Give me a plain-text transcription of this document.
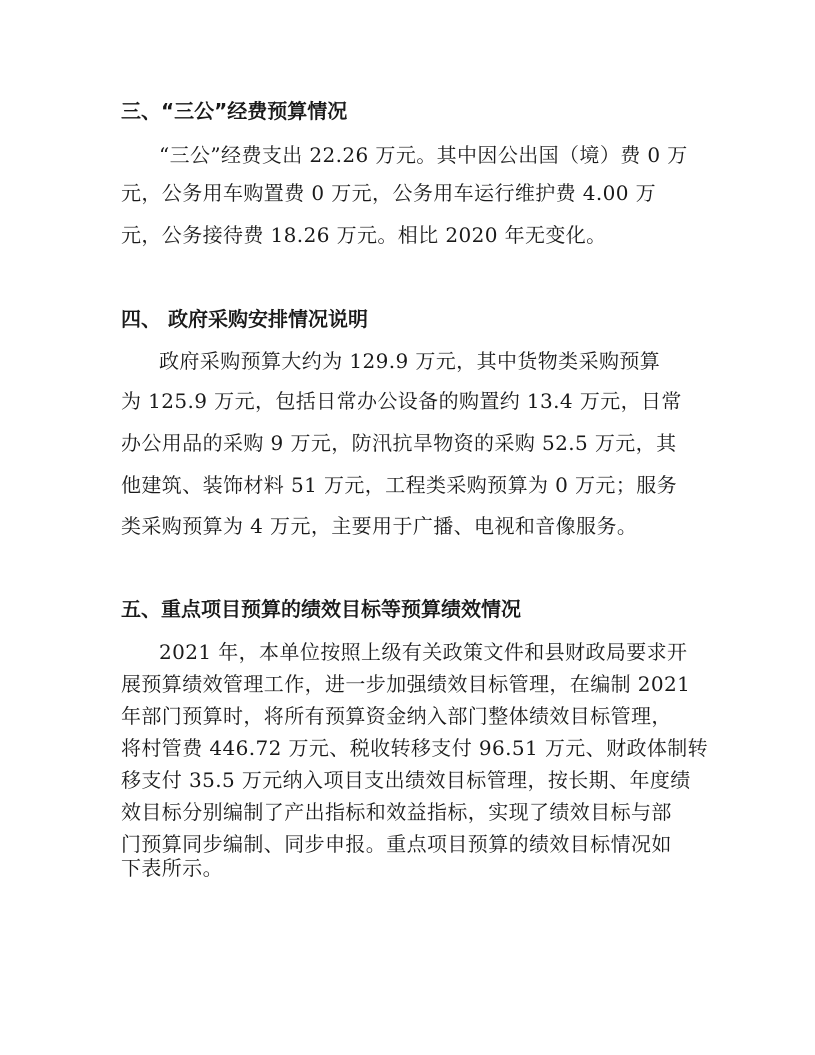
三、“三公”经费预算情况
“三公”经费支出 22.26 万元。其中因公出国（境）费 0 万
元，公务用车购置费 0 万元，公务用车运行维护费 4.00 万
元，公务接待费 18.26 万元。相比 2020 年无变化。
四、 政府采购安排情况说明
政府采购预算大约为 129.9 万元，其中货物类采购预算
为 125.9 万元，包括日常办公设备的购置约 13.4 万元，日常
办公用品的采购 9 万元，防汛抗旱物资的采购 52.5 万元，其
他建筑、装饰材料 51 万元，工程类采购预算为 0 万元；服务
类采购预算为 4 万元，主要用于广播、电视和音像服务。
五、重点项目预算的绩效目标等预算绩效情况
2021 年，本单位按照上级有关政策文件和县财政局要求开
展预算绩效管理工作，进一步加强绩效目标管理，在编制 2021
年部门预算时，将所有预算资金纳入部门整体绩效目标管理，
将村管费 446.72 万元、税收转移支付 96.51 万元、财政体制转
移支付 35.5 万元纳入项目支出绩效目标管理，按长期、年度绩
效目标分别编制了产出指标和效益指标，实现了绩效目标与部
门预算同步编制、同步申报。重点项目预算的绩效目标情况如
下表所示。
